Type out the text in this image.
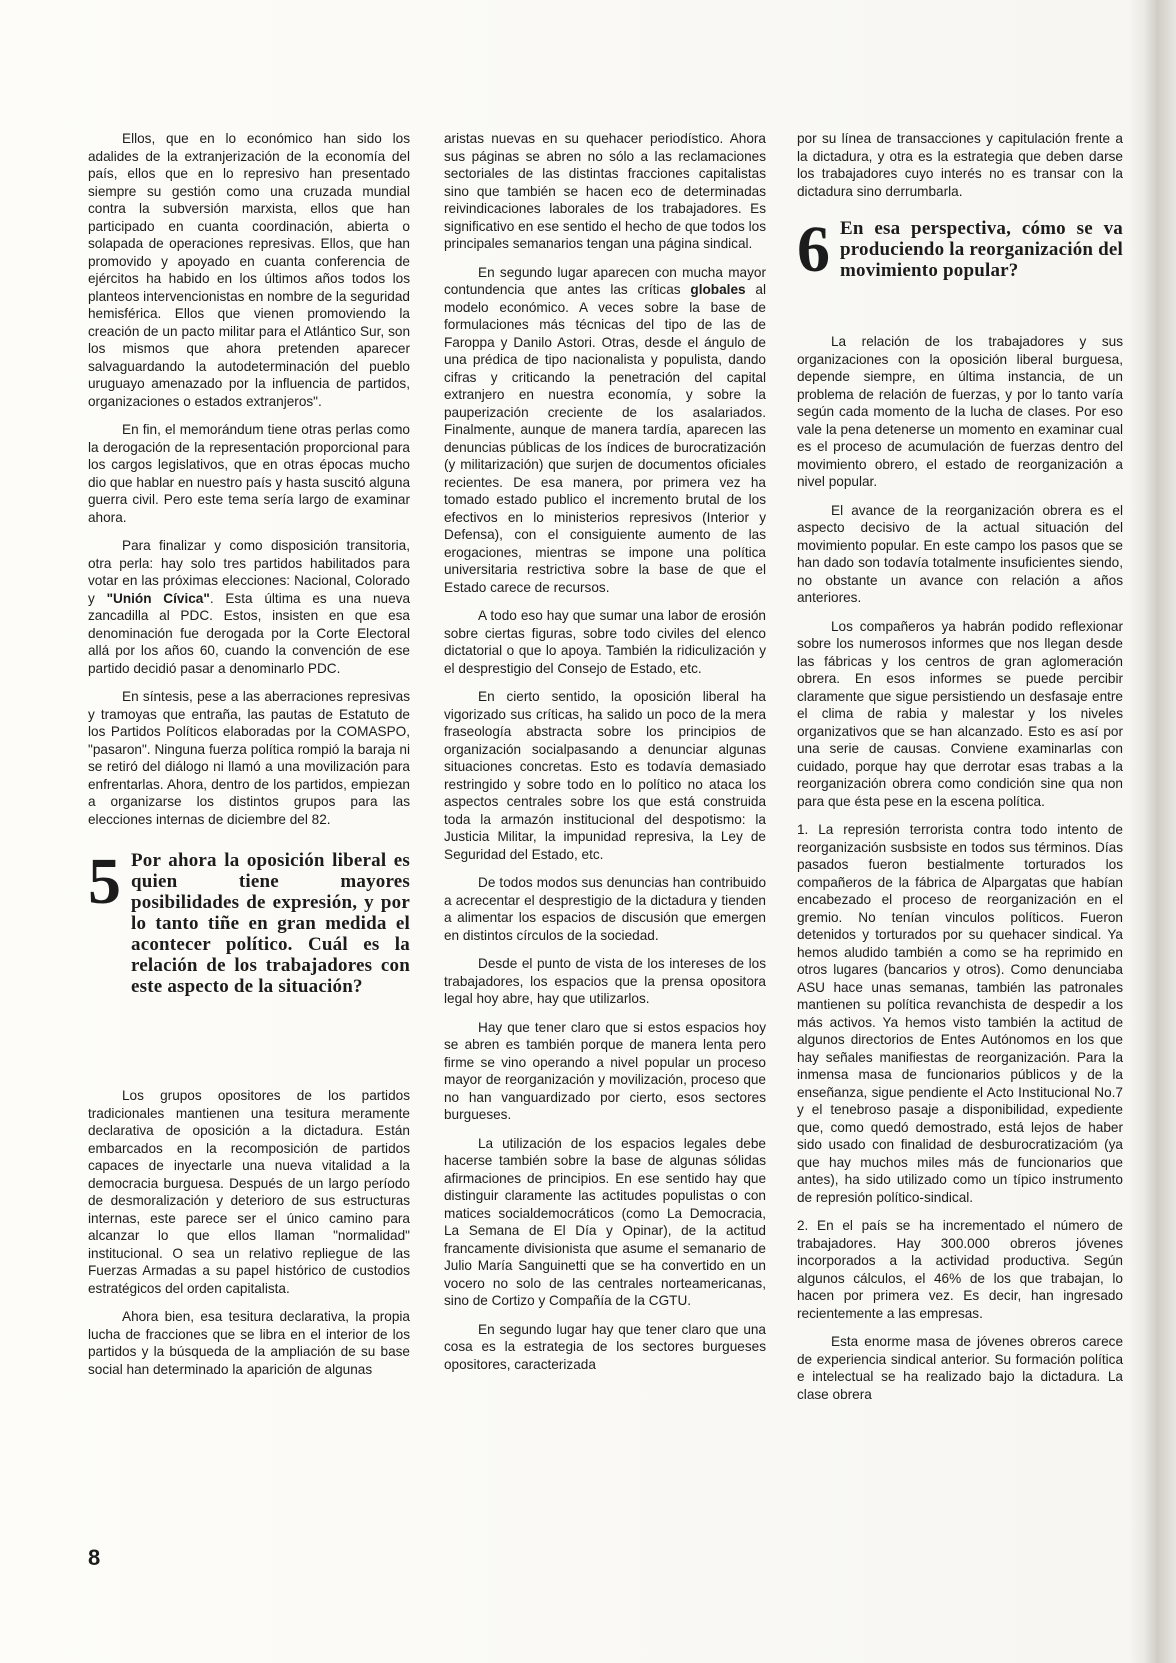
Ellos, que en lo económico han sido los adalides de la extranjerización de la economía del país, ellos que en lo represivo han presentado siempre su gestión como una cruzada mundial contra la subversión marxista, ellos que han participado en cuanta coordinación, abierta o solapada de operaciones represivas. Ellos, que han promovido y apoyado en cuanta conferencia de ejércitos ha habido en los últimos años todos los planteos intervencionistas en nombre de la seguridad hemisférica. Ellos que vienen promoviendo la creación de un pacto militar para el Atlántico Sur, son los mismos que ahora pretenden aparecer salvaguardando la autodeterminación del pueblo uruguayo amenazado por la influencia de partidos, organizaciones o estados extranjeros".

En fin, el memorándum tiene otras perlas como la derogación de la representación proporcional para los cargos legislativos, que en otras épocas mucho dio que hablar en nuestro país y hasta suscitó alguna guerra civil. Pero este tema sería largo de examinar ahora.

Para finalizar y como disposición transitoria, otra perla: hay solo tres partidos habilitados para votar en las próximas elecciones: Nacional, Colorado y "Unión Cívica". Esta última es una nueva zancadilla al PDC. Estos, insisten en que esa denominación fue derogada por la Corte Electoral allá por los años 60, cuando la convención de ese partido decidió pasar a denominarlo PDC.

En síntesis, pese a las aberraciones represivas y tramoyas que entraña, las pautas de Estatuto de los Partidos Políticos elaboradas por la COMASPO, "pasaron". Ninguna fuerza política rompió la baraja ni se retiró del diálogo ni llamó a una movilización para enfrentarlas. Ahora, dentro de los partidos, empiezan a organizarse los distintos grupos para las elecciones internas de diciembre del 82.

5 Por ahora la oposición liberal es quien tiene mayores posibilidades de expresión, y por lo tanto tiñe en gran medida el acontecer político. Cuál es la relación de los trabajadores con este aspecto de la situación?

Los grupos opositores de los partidos tradicionales mantienen una tesitura meramente declarativa de oposición a la dictadura. Están embarcados en la recomposición de partidos capaces de inyectarle una nueva vitalidad a la democracia burguesa. Después de un largo período de desmoralización y deterioro de sus estructuras internas, este parece ser el único camino para alcanzar lo que ellos llaman "normalidad" institucional. O sea un relativo repliegue de las Fuerzas Armadas a su papel histórico de custodios estratégicos del orden capitalista.

Ahora bien, esa tesitura declarativa, la propia lucha de fracciones que se libra en el interior de los partidos y la búsqueda de la ampliación de su base social han determinado la aparición de algunas

aristas nuevas en su quehacer periodístico. Ahora sus páginas se abren no sólo a las reclamaciones sectoriales de las distintas fracciones capitalistas sino que también se hacen eco de determinadas reivindicaciones laborales de los trabajadores. Es significativo en ese sentido el hecho de que todos los principales semanarios tengan una página sindical.

En segundo lugar aparecen con mucha mayor contundencia que antes las críticas globales al modelo económico. A veces sobre la base de formulaciones más técnicas del tipo de las de Faroppa y Danilo Astori. Otras, desde el ángulo de una prédica de tipo nacionalista y populista, dando cifras y criticando la penetración del capital extranjero en nuestra economía, y sobre la pauperización creciente de los asalariados. Finalmente, aunque de manera tardía, aparecen las denuncias públicas de los índices de burocratización (y militarización) que surjen de documentos oficiales recientes. De esa manera, por primera vez ha tomado estado publico el incremento brutal de los efectivos en lo ministerios represivos (Interior y Defensa), con el consiguiente aumento de las erogaciones, mientras se impone una política universitaria restrictiva sobre la base de que el Estado carece de recursos.

A todo eso hay que sumar una labor de erosión sobre ciertas figuras, sobre todo civiles del elenco dictatorial o que lo apoya. También la ridiculización y el desprestigio del Consejo de Estado, etc.

En cierto sentido, la oposición liberal ha vigorizado sus críticas, ha salido un poco de la mera fraseología abstracta sobre los principios de organización socialpasando a denunciar algunas situaciones concretas. Esto es todavía demasiado restringido y sobre todo en lo político no ataca los aspectos centrales sobre los que está construida toda la armazón institucional del despotismo: la Justicia Militar, la impunidad represiva, la Ley de Seguridad del Estado, etc.

De todos modos sus denuncias han contribuido a acrecentar el desprestigio de la dictadura y tienden a alimentar los espacios de discusión que emergen en distintos círculos de la sociedad.

Desde el punto de vista de los intereses de los trabajadores, los espacios que la prensa opositora legal hoy abre, hay que utilizarlos.

Hay que tener claro que si estos espacios hoy se abren es también porque de manera lenta pero firme se vino operando a nivel popular un proceso mayor de reorganización y movilización, proceso que no han vanguardizado por cierto, esos sectores burgueses.

La utilización de los espacios legales debe hacerse también sobre la base de algunas sólidas afirmaciones de principios. En ese sentido hay que distinguir claramente las actitudes populistas o con matices socialdemocráticos (como La Democracia, La Semana de El Día y Opinar), de la actitud francamente divisionista que asume el semanario de Julio María Sanguinetti que se ha convertido en un vocero no solo de las centrales norteamericanas, sino de Cortizo y Compañía de la CGTU.

En segundo lugar hay que tener claro que una cosa es la estrategia de los sectores burgueses opositores, caracterizada

por su línea de transacciones y capitulación frente a la dictadura, y otra es la estrategia que deben darse los trabajadores cuyo interés no es transar con la dictadura sino derrumbarla.

6 En esa perspectiva, cómo se va produciendo la reorganización del movimiento popular?

La relación de los trabajadores y sus organizaciones con la oposición liberal burguesa, depende siempre, en última instancia, de un problema de relación de fuerzas, y por lo tanto varía según cada momento de la lucha de clases. Por eso vale la pena detenerse un momento en examinar cual es el proceso de acumulación de fuerzas dentro del movimiento obrero, el estado de reorganización a nivel popular.

El avance de la reorganización obrera es el aspecto decisivo de la actual situación del movimiento popular. En este campo los pasos que se han dado son todavía totalmente insuficientes siendo, no obstante un avance con relación a años anteriores.

Los compañeros ya habrán podido reflexionar sobre los numerosos informes que nos llegan desde las fábricas y los centros de gran aglomeración obrera. En esos informes se puede percibir claramente que sigue persistiendo un desfasaje entre el clima de rabia y malestar y los niveles organizativos que se han alcanzado. Esto es así por una serie de causas. Conviene examinarlas con cuidado, porque hay que derrotar esas trabas a la reorganización obrera como condición sine qua non para que ésta pese en la escena política.

1. La represión terrorista contra todo intento de reorganización susbsiste en todos sus términos. Días pasados fueron bestialmente torturados los compañeros de la fábrica de Alpargatas que habían encabezado el proceso de reorganización en el gremio. No tenían vinculos políticos. Fueron detenidos y torturados por su quehacer sindical. Ya hemos aludido también a como se ha reprimido en otros lugares (bancarios y otros). Como denunciaba ASU hace unas semanas, también las patronales mantienen su política revanchista de despedir a los más activos. Ya hemos visto también la actitud de algunos directorios de Entes Autónomos en los que hay señales manifiestas de reorganización. Para la inmensa masa de funcionarios públicos y de la enseñanza, sigue pendiente el Acto Institucional No.7 y el tenebroso pasaje a disponibilidad, expediente que, como quedó demostrado, está lejos de haber sido usado con finalidad de desburocratizacióm (ya que hay muchos miles más de funcionarios que antes), ha sido utilizado como un típico instrumento de represión político-sindical.

2. En el país se ha incrementado el número de trabajadores. Hay 300.000 obreros jóvenes incorporados a la actividad productiva. Según algunos cálculos, el 46% de los que trabajan, lo hacen por primera vez. Es decir, han ingresado recientemente a las empresas.

Esta enorme masa de jóvenes obreros carece de experiencia sindical anterior. Su formación política e intelectual se ha realizado bajo la dictadura. La clase obrera

8
